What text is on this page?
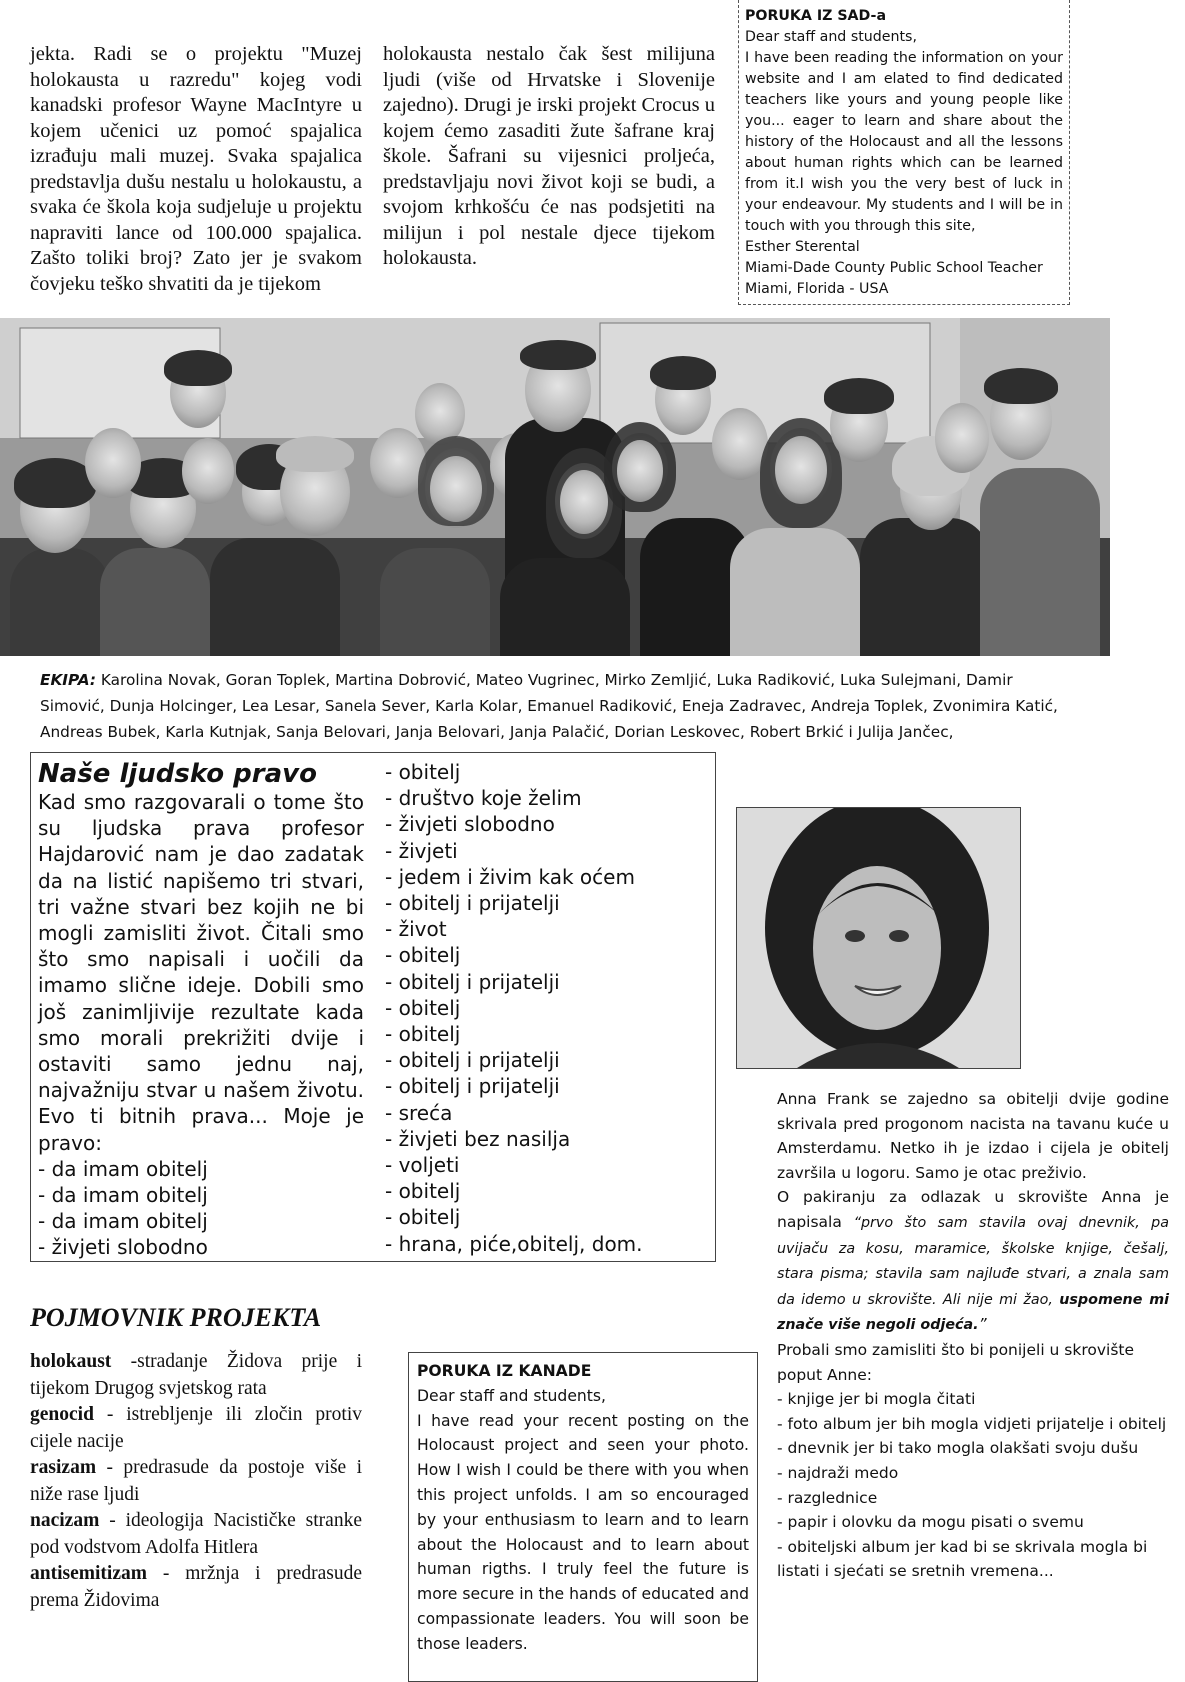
jekta. Radi se o projektu "Muzej holokausta u razredu" kojeg vodi kanadski profesor Wayne MacIntyre u kojem učenici uz pomoć spajalica izrađuju mali muzej. Svaka spajalica predstavlja dušu nestalu u holokaustu, a svaka će škola koja sudjeluje u projektu napraviti lance od 100.000 spajalica. Zašto toliki broj? Zato jer je svakom čovjeku teško shvatiti da je tijekom

holokausta nestalo čak šest milijuna ljudi (više od Hrvatske i Slovenije zajedno). Drugi je irski projekt Crocus u kojem ćemo zasaditi žute šafrane kraj škole. Šafrani su vijesnici proljeća, predstavljaju novi život koji se budi, a svojom krhkošću će nas podsjetiti na milijun i pol nestale djece tijekom holokausta.

PORUKA IZ SAD-a
Dear staff and students,
I have been reading the information on your website and I am elated to find dedicated teachers like yours and young people like you... eager to learn and share about the history of the Holocaust and all the lessons about human rights which can be learned from it.I wish you the very best of luck in your endeavour. My students and I will be in touch with you through this site,
Esther Sterental
Miami-Dade County Public School Teacher
Miami, Florida - USA
EKIPA: Karolina Novak, Goran Toplek, Martina Dobrović, Mateo Vugrinec, Mirko Zemljić, Luka Radiković, Luka Sulejmani, Damir Simović, Dunja Holcinger, Lea Lesar, Sanela Sever, Karla Kolar, Emanuel Radiković, Eneja Zadravec, Andreja Toplek, Zvonimira Katić, Andreas Bubek, Karla Kutnjak, Sanja Belovari, Janja Belovari, Janja Palačić, Dorian Leskovec, Robert Brkić i Julija Jančec,
Naše ljudsko pravo
Kad smo razgovarali o tome što su ljudska prava profesor Hajdarović nam je dao zadatak da na listić napišemo tri stvari, tri važne stvari bez kojih ne bi mogli zamisliti život. Čitali smo što smo napisali i uočili da imamo slične ideje. Dobili smo još zanimljivije rezultate kada smo morali prekrižiti dvije i ostaviti samo jednu naj, najvažniju stvar u našem životu. Evo ti bitnih prava... Moje je pravo:
- da imam obitelj
- da imam obitelj
- da imam obitelj
- živjeti slobodno
- obitelj
- društvo koje želim
- živjeti slobodno
- živjeti
- jedem i živim kak oćem
- obitelj i prijatelji
- život
- obitelj
- obitelj i prijatelji
- obitelj
- obitelj
- obitelj i prijatelji
- obitelj i prijatelji
- sreća
- živjeti bez nasilja
- voljeti
- obitelj
- obitelj
- hrana, piće,obitelj, dom.
Anna Frank se zajedno sa obitelji dvije godine skrivala pred progonom nacista na tavanu kuće u Amsterdamu. Netko ih je izdao i cijela je obitelj završila u logoru. Samo je otac preživio.
O pakiranju za odlazak u skrovište Anna je napisala “prvo što sam stavila ovaj dnevnik, pa uvijaču za kosu, maramice, školske knjige, češalj, stara pisma; stavila sam najluđe stvari, a znala sam da idemo u skrovište. Ali nije mi žao, uspomene mi znače više negoli odjeća.”
Probali smo zamisliti što bi ponijeli u skrovište poput Anne:
- knjige jer bi mogla čitati
- foto album jer bih mogla vidjeti prijatelje i obitelj
- dnevnik jer bi tako mogla olakšati svoju dušu
- najdraži medo
- razglednice
- papir i olovku da mogu pisati o svemu
- obiteljski album jer kad bi se skrivala mogla bi listati i sjećati se sretnih vremena...
POJMOVNIK PROJEKTA
holokaust -stradanje Židova prije i tijekom Drugog svjetskog rata
genocid - istrebljenje ili zločin protiv cijele nacije
rasizam - predrasude da postoje više i niže rase ljudi
nacizam - ideologija Nacističke stranke pod vodstvom Adolfa Hitlera
antisemitizam - mržnja i predrasude prema Židovima
PORUKA IZ KANADE
Dear staff and students,
I have read your recent posting on the Holocaust project and seen your photo. How I wish I could be there with you when this project unfolds. I am so encouraged by your enthusiasm to learn and to learn about the Holocaust and to learn about human rigths. I truly feel the future is more secure in the hands of educated and compassionate leaders. You will soon be those leaders.
